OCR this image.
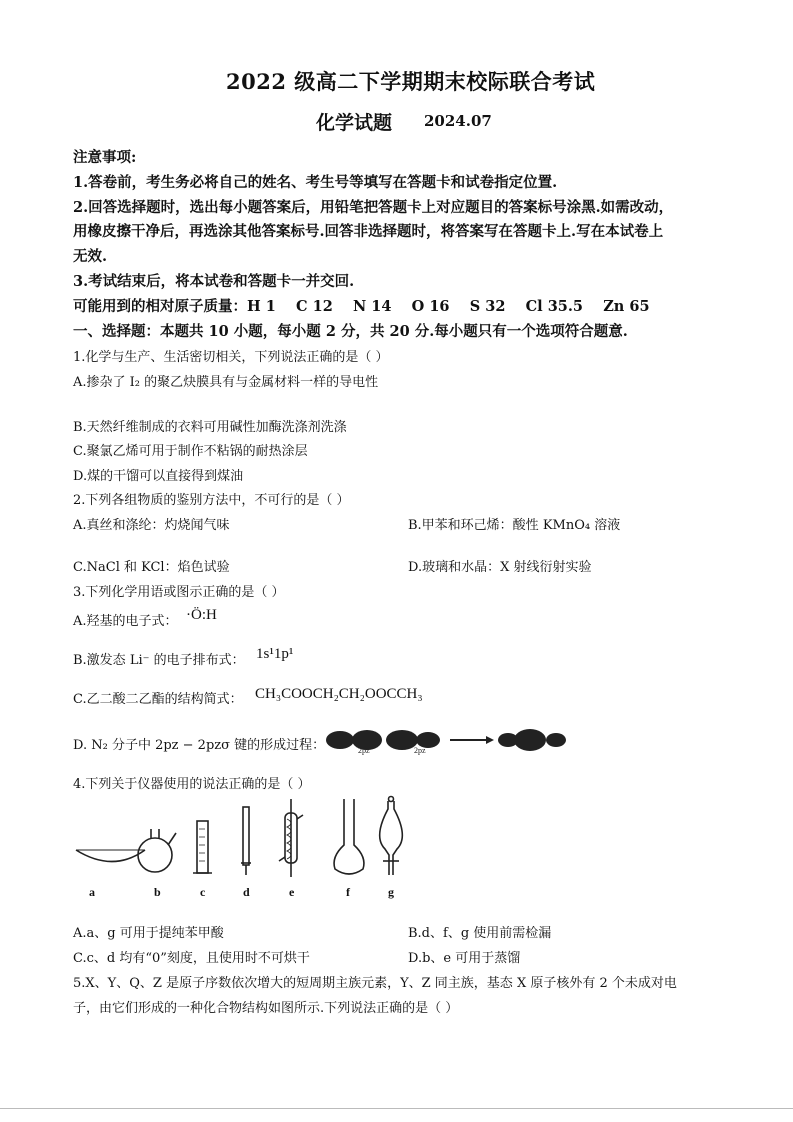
2022 级高二下学期期末校际联合考试
化学试题 2024.07
注意事项:
1.答卷前，考生务必将自己的姓名、考生号等填写在答题卡和试卷指定位置.
2.回答选择题时，选出每小题答案后，用铅笔把答题卡上对应题目的答案标号涂黑.如需改动，
用橡皮擦干净后，再选涂其他答案标号.回答非选择题时，将答案写在答题卡上.写在本试卷上
无效.
3.考试结束后，将本试卷和答题卡一并交回.
可能用到的相对原子质量：H 1    C 12    N 14    O 16    S 32    Cl 35.5    Zn 65
一、选择题：本题共 10 小题，每小题 2 分，共 20 分.每小题只有一个选项符合题意.
1.化学与生产、生活密切相关，下列说法正确的是（ ）
A.掺杂了 I₂ 的聚乙炔膜具有与金属材料一样的导电性
B.天然纤维制成的衣料可用碱性加酶洗涤剂洗涤
C.聚氯乙烯可用于制作不粘锅的耐热涂层
D.煤的干馏可以直接得到煤油
2.下列各组物质的鉴别方法中，不可行的是（ ）
A.真丝和涤纶：灼烧闻气味	B.甲苯和环己烯：酸性 KMnO₄ 溶液
C.NaCl 和 KCl：焰色试验	D.玻璃和水晶：X 射线衍射实验
3.下列化学用语或图示正确的是（ ）
A.羟基的电子式： ·Ö:H
B.激发态 Li⁻ 的电子排布式： 1s¹1p¹
C.乙二酸二乙酯的结构简式： CH₃COOCH₂CH₂OOCCH₃
D. N₂ 分子中 2pz − 2pzσ 键的形成过程：	2pz	2pz
4.下列关于仪器使用的说法正确的是（ ）
a	b	c	d	e	f	g
A.a、g 可用于提纯苯甲酸	B.d、f、g 使用前需检漏
C.c、d 均有“0”刻度，且使用时不可烘干	D.b、e 可用于蒸馏
5.X、Y、Q、Z 是原子序数依次增大的短周期主族元素，Y、Z 同主族，基态 X 原子核外有 2 个未成对电
子，由它们形成的一种化合物结构如图所示.下列说法正确的是（ ）
